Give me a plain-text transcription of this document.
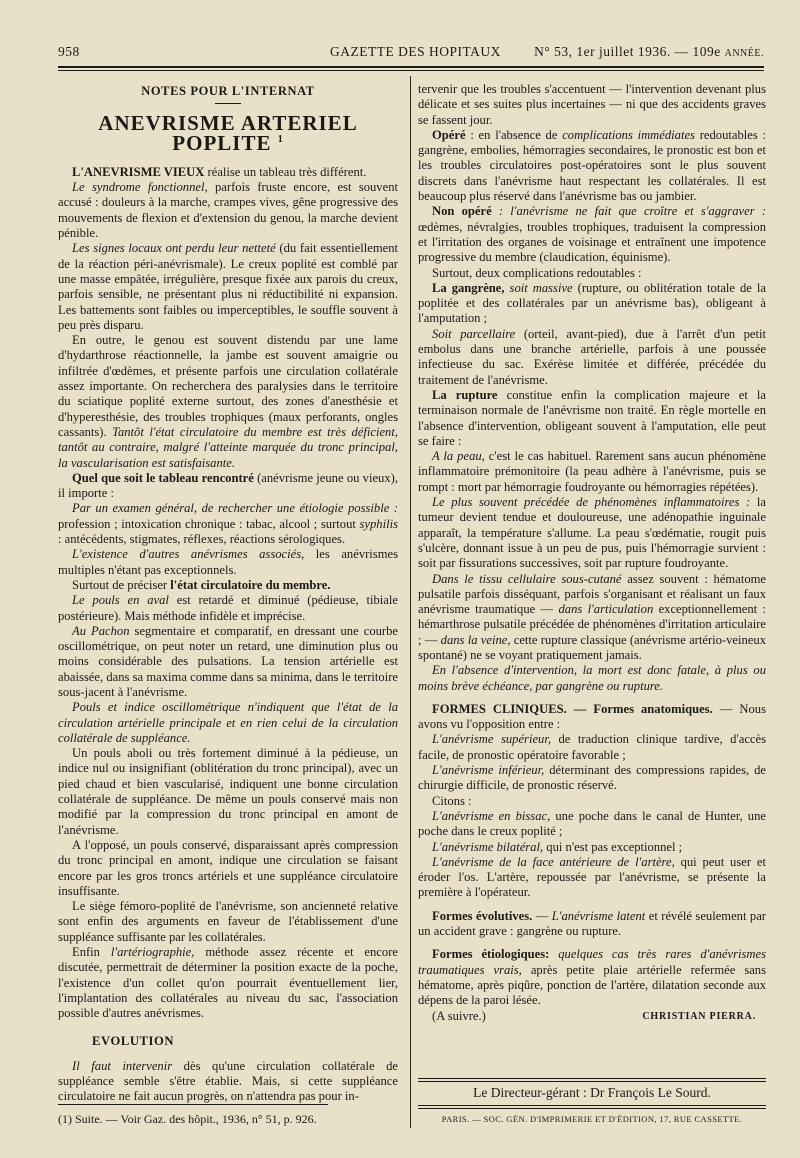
958	GAZETTE DES HOPITAUX N° 53, 1er juillet 1936. — 109e ANNÉE.
NOTES POUR L'INTERNAT
ANEVRISME ARTERIEL POPLITE $^1$

L'ANEVRISME VIEUX réalise un tableau très différent.

Le syndrome fonctionnel, parfois fruste encore, est souvent accusé : douleurs à la marche, crampes vives, gêne progressive des mouvements de flexion et d'extension du genou, la marche devient pénible.

Les signes locaux ont perdu leur netteté (du fait essentiellement de la réaction péri-anévrismale). Le creux poplité est comblé par une masse empâtée, irrégulière, presque fixée aux parois du creux, parfois sensible, ne présentant plus ni réductibilité ni expansion. Les battements sont faibles ou imperceptibles, le souffle souvent à peu près disparu.

En outre, le genou est souvent distendu par une lame d'hydarthrose réactionnelle, la jambe est souvent amaigrie ou infiltrée d'œdèmes, et présente parfois une circulation collatérale assez importante. On recherchera des paralysies dans le territoire du sciatique poplité externe surtout, des zones d'anesthésie et d'hyperesthésie, des troubles trophiques (maux perforants, ongles cassants). Tantôt l'état circulatoire du membre est très déficient, tantôt au contraire, malgré l'atteinte marquée du tronc principal, la vascularisation est satisfaisante.

Quel que soit le tableau rencontré (anévrisme jeune ou vieux), il importe :

Par un examen général, de rechercher une étiologie possible : profession ; intoxication chronique : tabac, alcool ; surtout syphilis : antécédents, stigmates, réflexes, réactions sérologiques.

L'existence d'autres anévrismes associés, les anévrismes multiples n'étant pas exceptionnels.

Surtout de préciser l'état circulatoire du membre.

Le pouls en aval est retardé et diminué (pédieuse, tibiale postérieure). Mais méthode infidèle et imprécise.

Au Pachon segmentaire et comparatif, en dressant une courbe oscillométrique, on peut noter un retard, une diminution plus ou moins considérable des pulsations. La tension artérielle est abaissée, dans sa maxima comme dans sa minima, dans le territoire sous-jacent à l'anévrisme.

Pouls et indice oscillométrique n'indiquent que l'état de la circulation artérielle principale et en rien celui de la circulation collatérale de suppléance.

Un pouls aboli ou très fortement diminué à la pédieuse, un indice nul ou insignifiant (oblitération du tronc principal), avec un pied chaud et bien vascularisé, indiquent une bonne circulation collatérale de suppléance. De même un pouls conservé mais non modifié par la compression du tronc principal en amont de l'anévrisme.

A l'opposé, un pouls conservé, disparaissant après compression du tronc principal en amont, indique une circulation se faisant encore par les gros troncs artériels et une suppléance circulatoire insuffisante.

Le siège fémoro-poplité de l'anévrisme, son ancienneté relative sont enfin des arguments en faveur de l'établissement d'une suppléance suffisante par les collatérales.

Enfin l'artériographie, méthode assez récente et encore discutée, permettrait de déterminer la position exacte de la poche, l'existence d'un collet qu'on pourrait éventuellement lier, l'implantation des collatérales au niveau du sac, l'association possible d'autres anévrismes.

EVOLUTION

Il faut intervenir dès qu'une circulation collatérale de suppléance semble s'être établie. Mais, si cette suppléance circulatoire ne fait aucun progrès, on n'attendra pas pour in-

(1) Suite. — Voir Gaz. des hôpit., 1936, n° 51, p. 926.

tervenir que les troubles s'accentuent — l'intervention devenant plus délicate et ses suites plus incertaines — ni que des accidents graves se fassent jour.

Opéré : en l'absence de complications immédiates redoutables : gangrène, embolies, hémorragies secondaires, le pronostic est bon et les troubles circulatoires post-opératoires sont le plus souvent discrets dans l'anévrisme haut respectant les collatérales. Il est beaucoup plus réservé dans l'anévrisme bas ou jambier.

Non opéré : l'anévrisme ne fait que croître et s'aggraver : œdèmes, névralgies, troubles trophiques, traduisent la compression et l'irritation des organes de voisinage et entraînent une impotence progressive du membre (claudication, équinisme).

Surtout, deux complications redoutables :

La gangrène, soit massive (rupture, ou oblitération totale de la poplitée et des collatérales par un anévrisme bas), obligeant à l'amputation ;

Soit parcellaire (orteil, avant-pied), due à l'arrêt d'un petit embolus dans une branche artérielle, parfois à une poussée infectieuse du sac. Exérèse limitée et différée, précédée du traitement de l'anévrisme.

La rupture constitue enfin la complication majeure et la terminaison normale de l'anévrisme non traité. En règle mortelle en l'absence d'intervention, obligeant souvent à l'amputation, elle peut se faire :

A la peau, c'est le cas habituel. Rarement sans aucun phénomène inflammatoire prémonitoire (la peau adhère à l'anévrisme, puis se rompt : mort par hémorragie foudroyante ou hémorragies répétées).

Le plus souvent précédée de phénomènes inflammatoires : la tumeur devient tendue et douloureuse, une adénopathie inguinale apparaît, la température s'allume. La peau s'œdématie, rougit puis s'ulcère, donnant issue à un peu de pus, puis l'hémorragie survient : soit par fissurations successives, soit par rupture foudroyante.

Dans le tissu cellulaire sous-cutané assez souvent : hématome pulsatile parfois disséquant, parfois s'organisant et réalisant un faux anévrisme traumatique — dans l'articulation exceptionnellement : hémarthrose pulsatile précédée de phénomènes d'irritation articulaire ; — dans la veine, cette rupture classique (anévrisme artério-veineux spontané) ne se voyant pratiquement jamais.

En l'absence d'intervention, la mort est donc fatale, à plus ou moins brève échéance, par gangrène ou rupture.

FORMES CLINIQUES. — Formes anatomiques. — Nous avons vu l'opposition entre :

L'anévrisme supérieur, de traduction clinique tardive, d'accès facile, de pronostic opératoire favorable ;

L'anévrisme inférieur, déterminant des compressions rapides, de chirurgie difficile, de pronostic réservé.

Citons :

L'anévrisme en bissac, une poche dans le canal de Hunter, une poche dans le creux poplité ;

L'anévrisme bilatéral, qui n'est pas exceptionnel ;

L'anévrisme de la face antérieure de l'artère, qui peut user et éroder l'os. L'artère, repoussée par l'anévrisme, se présente la première à l'opérateur.

Formes évolutives. — L'anévrisme latent et révélé seulement par un accident grave : gangrène ou rupture.

Formes étiologiques: quelques cas très rares d'anévrismes traumatiques vrais, après petite plaie artérielle refermée sans hématome, après piqûre, ponction de l'artère, dilatation seconde aux dépens de la paroi lésée.

(A suivre.)	CHRISTIAN PIERRA.
Le Directeur-gérant : Dr François Le Sourd.
PARIS. — SOC. GÉN. D'IMPRIMERIE ET D'ÉDITION, 17, RUE CASSETTE.
